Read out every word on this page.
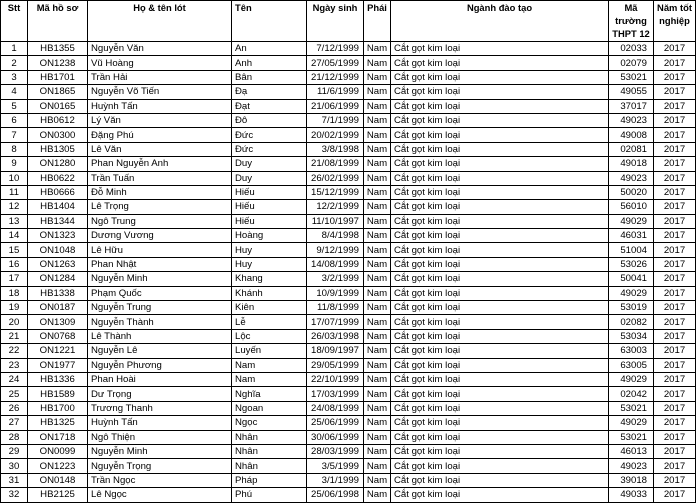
Stt	Mã hồ sơ	Họ & tên lót	Tên	Ngày sinh	Phái	Ngành đào tạo	Mã trường THPT 12	Năm tốt nghiệp
1	HB1355	Nguyễn Văn	An	7/12/1999	Nam	Cắt gọt kim loại	02033	2017
2	ON1238	Vũ Hoàng	Anh	27/05/1999	Nam	Cắt gọt kim loại	02079	2017
3	HB1701	Trần Hải	Bân	21/12/1999	Nam	Cắt gọt kim loại	53021	2017
4	ON1865	Nguyễn Võ Tiến	Đạ	11/6/1999	Nam	Cắt gọt kim loại	49055	2017
5	ON0165	Huỳnh Tấn	Đạt	21/06/1999	Nam	Cắt gọt kim loại	37017	2017
6	HB0612	Lý Văn	Đô	7/1/1999	Nam	Cắt gọt kim loại	49023	2017
7	ON0300	Đặng Phú	Đức	20/02/1999	Nam	Cắt gọt kim loại	49008	2017
8	HB1305	Lê Văn	Đức	3/8/1998	Nam	Cắt gọt kim loại	02081	2017
9	ON1280	Phan Nguyễn Anh	Duy	21/08/1999	Nam	Cắt gọt kim loại	49018	2017
10	HB0622	Trần Tuấn	Duy	26/02/1999	Nam	Cắt gọt kim loại	49023	2017
11	HB0666	Đỗ Minh	Hiếu	15/12/1999	Nam	Cắt gọt kim loại	50020	2017
12	HB1404	Lê Trọng	Hiếu	12/2/1999	Nam	Cắt gọt kim loại	56010	2017
13	HB1344	Ngô Trung	Hiếu	11/10/1997	Nam	Cắt gọt kim loại	49029	2017
14	ON1323	Dương Vương	Hoàng	8/4/1998	Nam	Cắt gọt kim loại	46031	2017
15	ON1048	Lê Hữu	Huy	9/12/1999	Nam	Cắt gọt kim loại	51004	2017
16	ON1263	Phan Nhật	Huy	14/08/1999	Nam	Cắt gọt kim loại	53026	2017
17	ON1284	Nguyễn Minh	Khang	3/2/1999	Nam	Cắt gọt kim loại	50041	2017
18	HB1338	Phạm Quốc	Khánh	10/9/1999	Nam	Cắt gọt kim loại	49029	2017
19	ON0187	Nguyễn Trung	Kiên	11/8/1999	Nam	Cắt gọt kim loại	53019	2017
20	ON1309	Nguyễn Thành	Lễ	17/07/1999	Nam	Cắt gọt kim loại	02082	2017
21	ON0768	Lê Thành	Lộc	26/03/1998	Nam	Cắt gọt kim loại	53034	2017
22	ON1221	Nguyễn Lê	Luyến	18/09/1997	Nam	Cắt gọt kim loại	63003	2017
23	ON1977	Nguyễn Phương	Nam	29/05/1999	Nam	Cắt gọt kim loại	63005	2017
24	HB1336	Phan Hoài	Nam	22/10/1999	Nam	Cắt gọt kim loại	49029	2017
25	HB1589	Dư Trọng	Nghĩa	17/03/1999	Nam	Cắt gọt kim loại	02042	2017
26	HB1700	Trương Thanh	Ngoan	24/08/1999	Nam	Cắt gọt kim loại	53021	2017
27	HB1325	Huỳnh Tấn	Ngọc	25/06/1999	Nam	Cắt gọt kim loại	49029	2017
28	ON1718	Ngô Thiện	Nhân	30/06/1999	Nam	Cắt gọt kim loại	53021	2017
29	ON0099	Nguyễn Minh	Nhân	28/03/1999	Nam	Cắt gọt kim loại	46013	2017
30	ON1223	Nguyễn Trọng	Nhân	3/5/1999	Nam	Cắt gọt kim loại	49023	2017
31	ON0148	Trần Ngọc	Pháp	3/1/1999	Nam	Cắt gọt kim loại	39018	2017
32	HB2125	Lê Ngọc	Phú	25/06/1998	Nam	Cắt gọt kim loại	49033	2017
